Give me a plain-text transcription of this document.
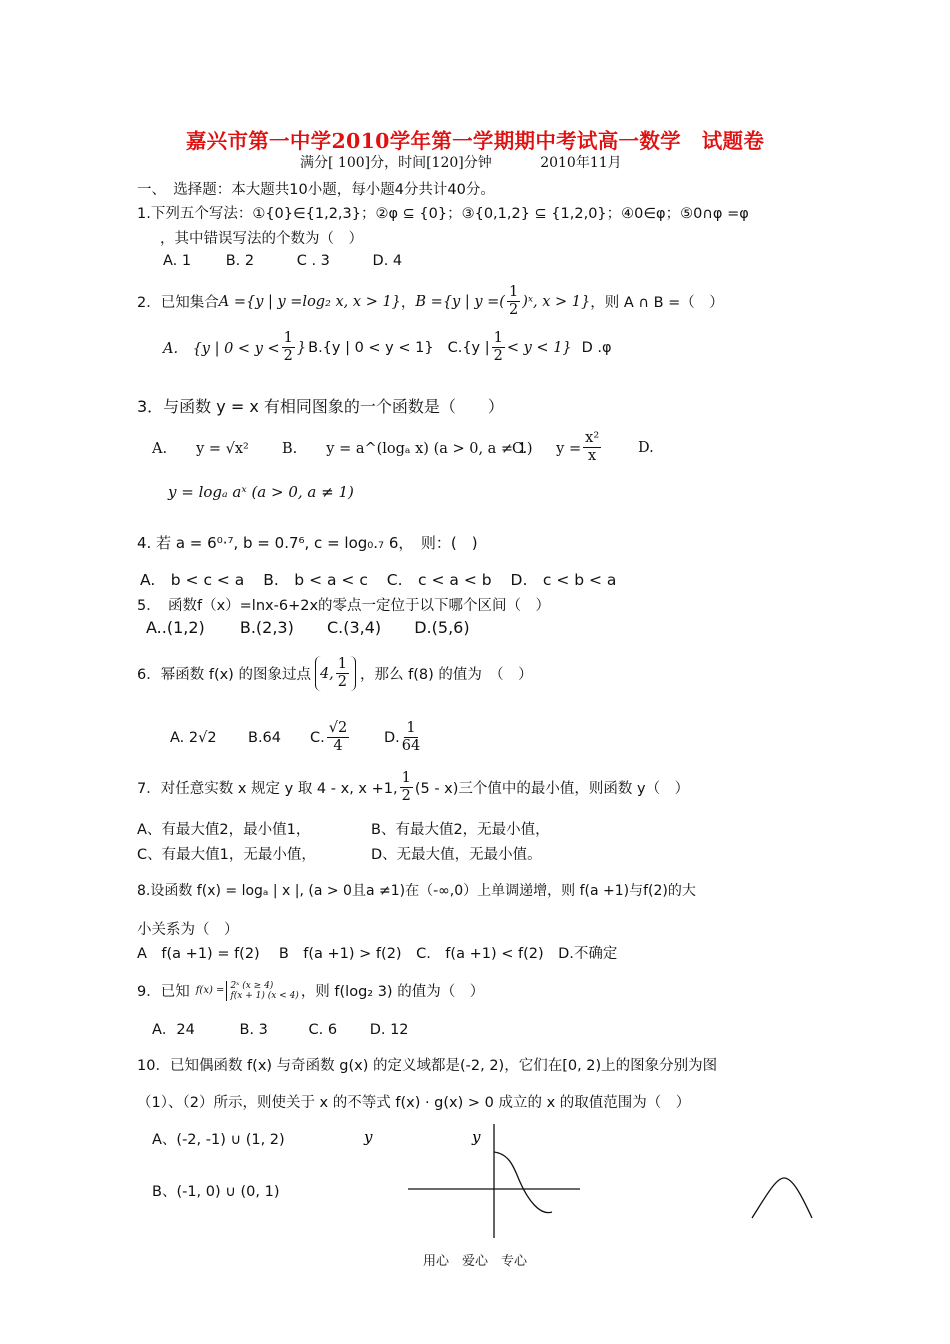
嘉兴市第一中学2010学年第一学期期中考试高一数学　试题卷
满分[ 100]分，时间[120]分钟	2010年11月
一、　选择题：本大题共10小题，每小题4分共计40分。
1.下列五个写法：①{0}∈{1,2,3}；②φ ⊆ {0}；③{0,1,2} ⊆ {1,2,0}；④0∈φ；⑤0∩φ =φ
，其中错误写法的个数为（　）
A. 1 B. 2	C . 3	D. 4
2．已知集合 A ={y | y =log₂ x, x > 1} ， B ={y | y =( $\frac{1}{2}$ )ˣ, x > 1} ，则 A ∩ B =（　）
A.　{y | $0 < y < \frac{1}{2}$ } B.{y | 0 < y < 1} C.{y | $\frac{1}{2} < y < 1$} D .φ
3．与函数 y = x 有相同图象的一个函数是（　　）
A.　　y = √x²	B.　　y = a^(logₐ x) (a > 0, a ≠ 1)
C.　　$y = \frac{\text{x²}}{x}$	D.
y = logₐ aˣ (a > 0, a ≠ 1)
4. 若 a = 6⁰·⁷, b = 0.7⁶, c = log₀.₇ 6，　则：(　)
A.　b < c < a B.　b < a < c C.　c < a < b D.　c < b < a
5．　函数f（x）=lnx-6+2x的零点一定位于以下哪个区间（　）
A..(1,2) B.(2,3) C.(3,4) D.(5,6)
6．幂函数 f(x) 的图象过点 4, $\frac{1}{2}$ ，那么 f(8) 的值为　（　）
A. 2√2	B.64	C. $\frac{√2}{4} D$. $\frac{1}{64}$
7．对任意实数 x 规定 y 取 4 - x, x +1, $\frac{1}{2} (5 - x)$三个值中的最小值，则函数 y（　）
A、有最大值2，最小值1，	B、有最大值2，无最小值，
C、有最大值1，无最小值，	D、无最大值，无最小值。
8.设函数 f(x) = logₐ | x |, (a > 0且a ≠1)在（-∞,0）上单调递增，则 f(a +1)与f(2)的大
小关系为（　）
A　f(a +1) = f(2)　 B　f(a +1) > f(2)　C.　f(a +1) < f(2)　D.不确定
9．已知 f(x) = 2ˣ (x ≥ 4)
f(x + 1) (x < 4) ，则 f(log₂ 3) 的值为（　）
A．24	B. 3	C. 6 D. 12
10．已知偶函数 f(x) 与奇函数 g(x) 的定义域都是(-2, 2)，它们在[0, 2)上的图象分别为图
（1）、（2）所示，则使关于 x 的不等式 f(x) · g(x) > 0 成立的 x 的取值范围为（　）
A、(-2, -1) ∪ (1, 2)
B、(-1, 0) ∪ (0, 1)
y	y
用心　爱心　专心
